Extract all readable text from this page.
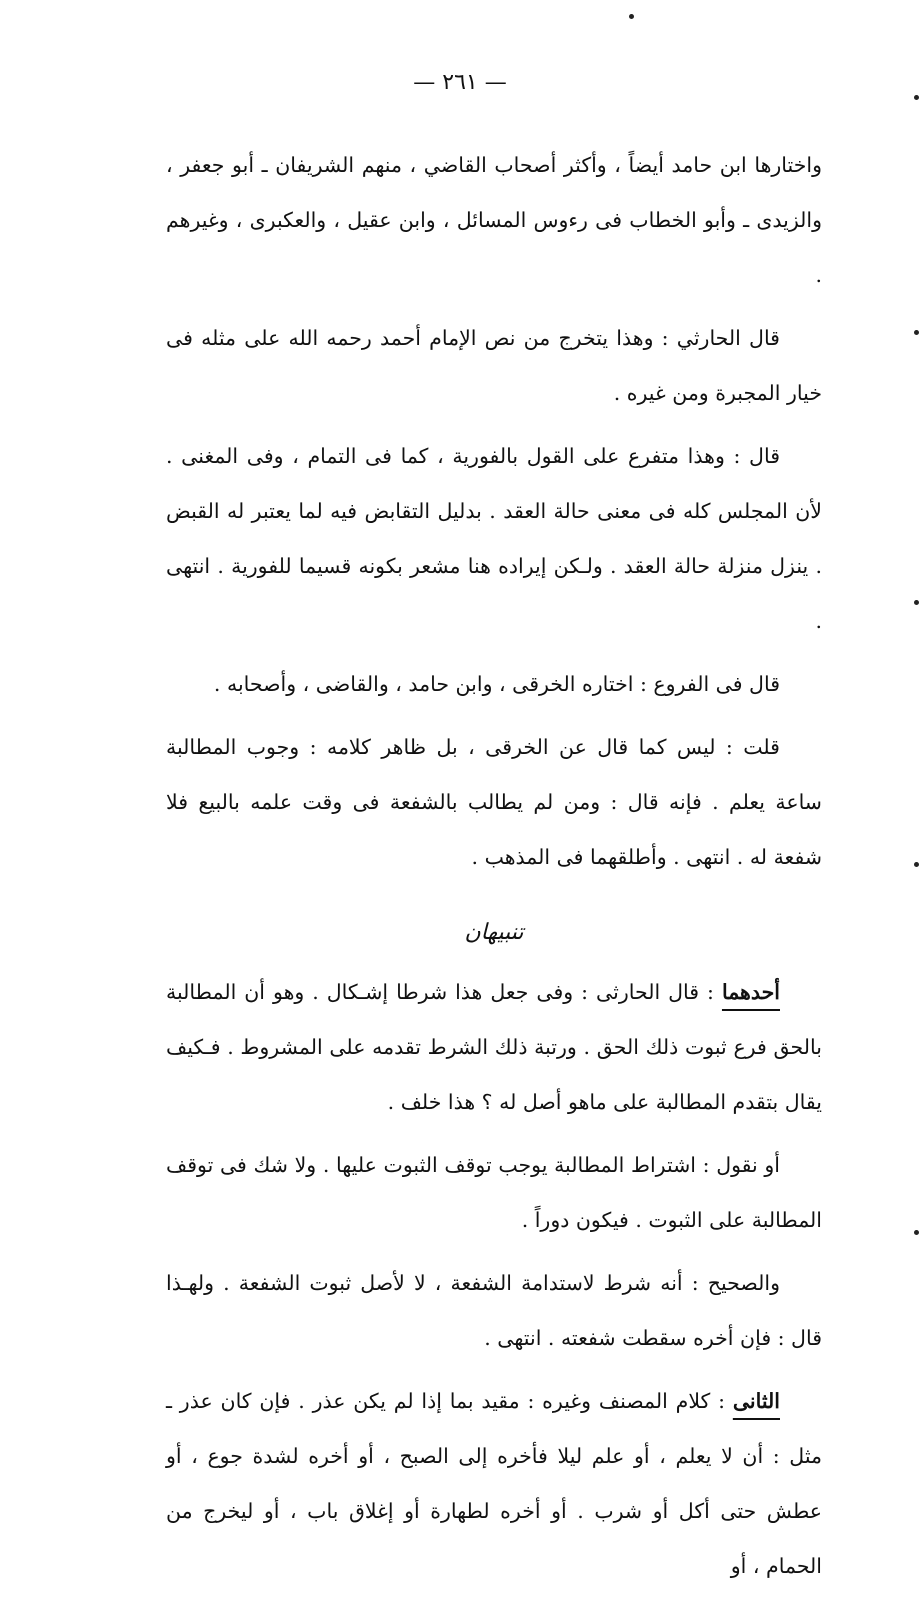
— ٢٦١ —

واختارها ابن حامد أيضاً ، وأكثر أصحاب القاضي ، منهم الشريفان ـ أبو جعفر ، والزيدى ـ وأبو الخطاب فى رءوس المسائل ، وابن عقيل ، والعكبرى ، وغيرهم .

قال الحارثي : وهذا يتخرج من نص الإمام أحمد رحمه الله على مثله فى خيار المجبرة ومن غيره .

قال : وهذا متفرع على القول بالفورية ، كما فى التمام ، وفى المغنى . لأن المجلس كله فى معنى حالة العقد . بدليل التقابض فيه لما يعتبر له القبض . ينزل منزلة حالة العقد . ولـكن إيراده هنا مشعر بكونه قسيما للفورية . انتهى .

قال فى الفروع : اختاره الخرقى ، وابن حامد ، والقاضى ، وأصحابه .

قلت : ليس كما قال عن الخرقى ، بل ظاهر كلامه : وجوب المطالبة ساعة يعلم . فإنه قال : ومن لم يطالب بالشفعة فى وقت علمه بالبيع فلا شفعة له . انتهى . وأطلقهما فى المذهب .

تنبيهان

أحدهما : قال الحارثى : وفى جعل هذا شرطا إشـكال . وهو أن المطالبة بالحق فرع ثبوت ذلك الحق . ورتبة ذلك الشرط تقدمه على المشروط . فـكيف يقال بتقدم المطالبة على ماهو أصل له ؟ هذا خلف .

أو نقول : اشتراط المطالبة يوجب توقف الثبوت عليها . ولا شك فى توقف المطالبة على الثبوت . فيكون دوراً .

والصحيح : أنه شرط لاستدامة الشفعة ، لا لأصل ثبوت الشفعة . ولهـذا قال : فإن أخره سقطت شفعته . انتهى .

الثانى : كلام المصنف وغيره : مقيد بما إذا لم يكن عذر . فإن كان عذر ـ مثل : أن لا يعلم ، أو علم ليلا فأخره إلى الصبح ، أو أخره لشدة جوع ، أو عطش حتى أكل أو شرب . أو أخره لطهارة أو إغلاق باب ، أو ليخرج من الحمام ، أو
